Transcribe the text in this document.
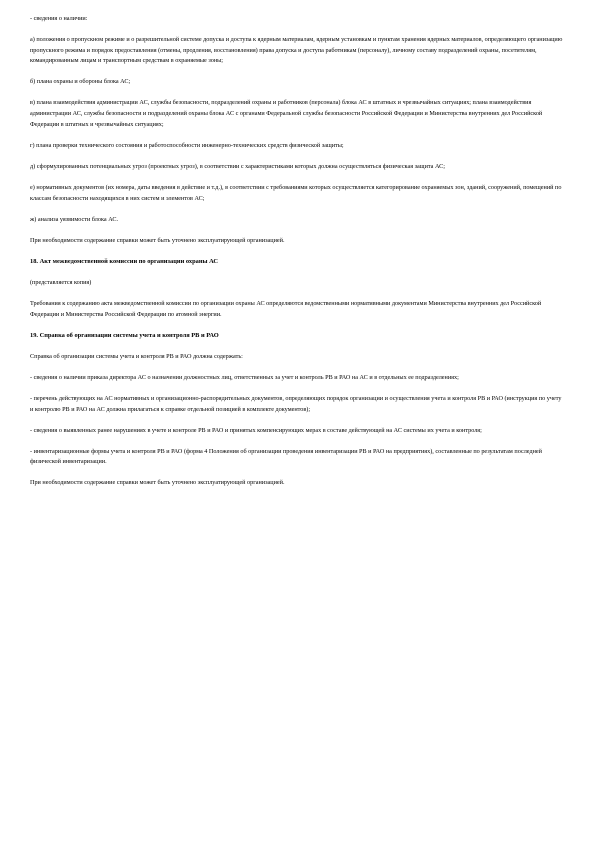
- сведения о наличии:

а) положения о пропускном режиме и о разрешительной системе допуска и доступа к ядерным материалам, ядерным установкам и пунктам хранения ядерных материалов, определяющего организацию пропускного режима и порядок предоставления (отмены, продления, восстановления) права допуска и доступа работникам (персоналу), личному составу подразделений охраны, посетителям, командированным лицам и транспортным средствам в охраняемые зоны;

б) плана охраны и обороны блока АС;

в) плана взаимодействия администрации АС, службы безопасности, подразделений охраны и работников (персонала) блока АС в штатных и чрезвычайных ситуациях; плана взаимодействия администрации АС, службы безопасности и подразделений охраны блока АС с органами Федеральной службы безопасности Российской Федерации и Министерства внутренних дел Российской Федерации в штатных и чрезвычайных ситуациях;

г) плана проверки технического состояния и работоспособности инженерно-технических средств физической защиты;

д) сформулированных потенциальных угроз (проектных угроз), в соответствии с характеристиками которых должна осуществляться физическая защита АС;

е) нормативных документов (их номера, даты введения в действие и т.д.), в соответствии с требованиями которых осуществляется категорирование охраняемых зон, зданий, сооружений, помещений по классам безопасности находящихся в них систем и элементов АС;

ж) анализа уязвимости блока АС.

При необходимости содержание справки может быть уточнено эксплуатирующей организацией.

18. Акт межведомственной комиссии по организации охраны АС

(представляется копия)

Требования к содержанию акта межведомственной комиссии по организации охраны АС определяются ведомственными нормативными документами Министерства внутренних дел Российской Федерации и Министерства Российской Федерации по атомной энергии.

19. Справка об организации системы учета и контроля РВ и РАО

Справка об организации системы учета и контроля РВ и РАО должна содержать:

- сведения о наличии приказа директора АС о назначении должностных лиц, ответственных за учет и контроль РВ и РАО на АС и в отдельных ее подразделениях;

- перечень действующих на АС нормативных и организационно-распорядительных документов, определяющих порядок организации и осуществления учета и контроля РВ и РАО (инструкция по учету и контролю РВ и РАО на АС должна прилагаться к справке отдельной позицией в комплекте документов);

- сведения о выявленных ранее нарушениях в учете и контроле РВ и РАО и принятых компенсирующих мерах в составе действующей на АС системы их учета и контроля;

- инвентаризационные формы учета и контроля РВ и РАО (форма 4 Положения об организации проведения инвентаризации РВ и РАО на предприятиях), составленные по результатам последней физической инвентаризации.

При необходимости содержание справки может быть уточнено эксплуатирующей организацией.
